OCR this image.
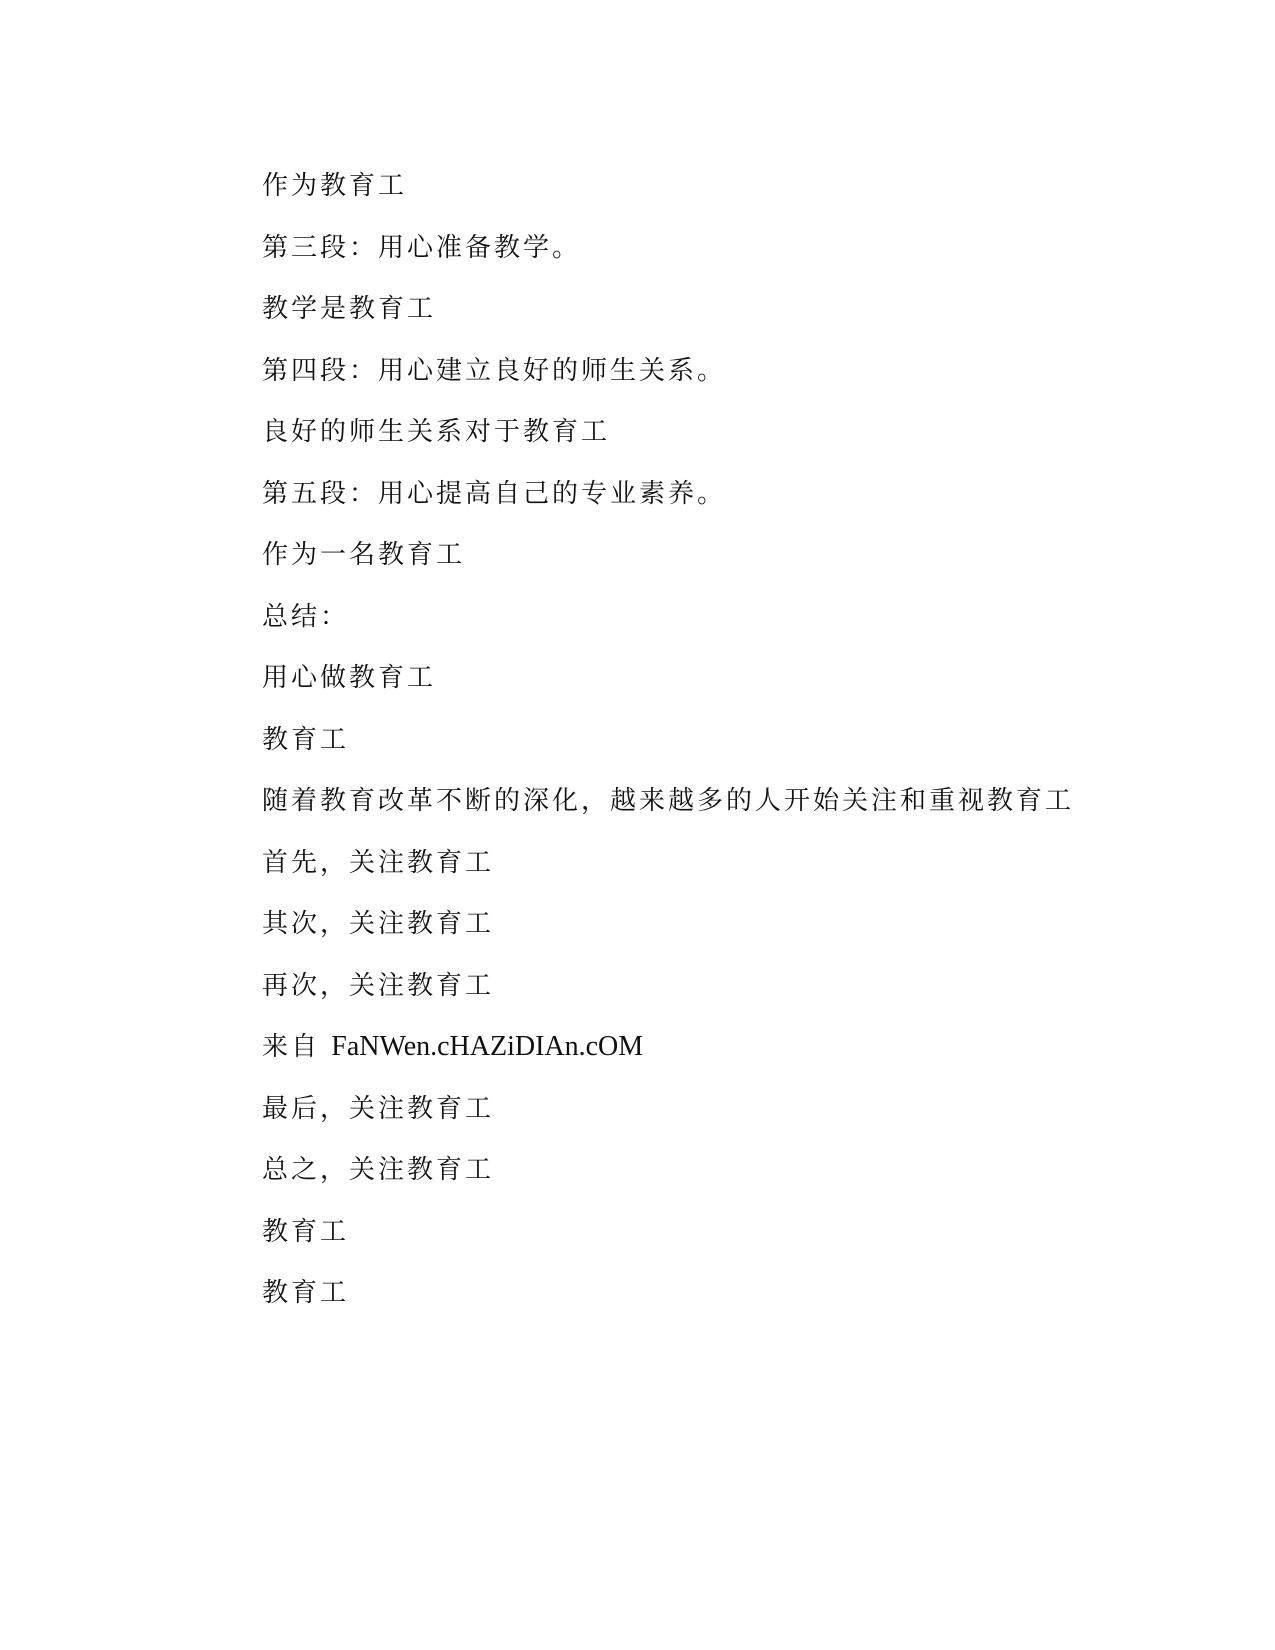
作为教育工
第三段：用心准备教学。
教学是教育工
第四段：用心建立良好的师生关系。
良好的师生关系对于教育工
第五段：用心提高自己的专业素养。
作为一名教育工
总结：
用心做教育工
教育工
随着教育改革不断的深化，越来越多的人开始关注和重视教育工
首先，关注教育工
其次，关注教育工
再次，关注教育工
来自 FaNWen.cHAZiDIAn.cOM
最后，关注教育工
总之，关注教育工
教育工
教育工
